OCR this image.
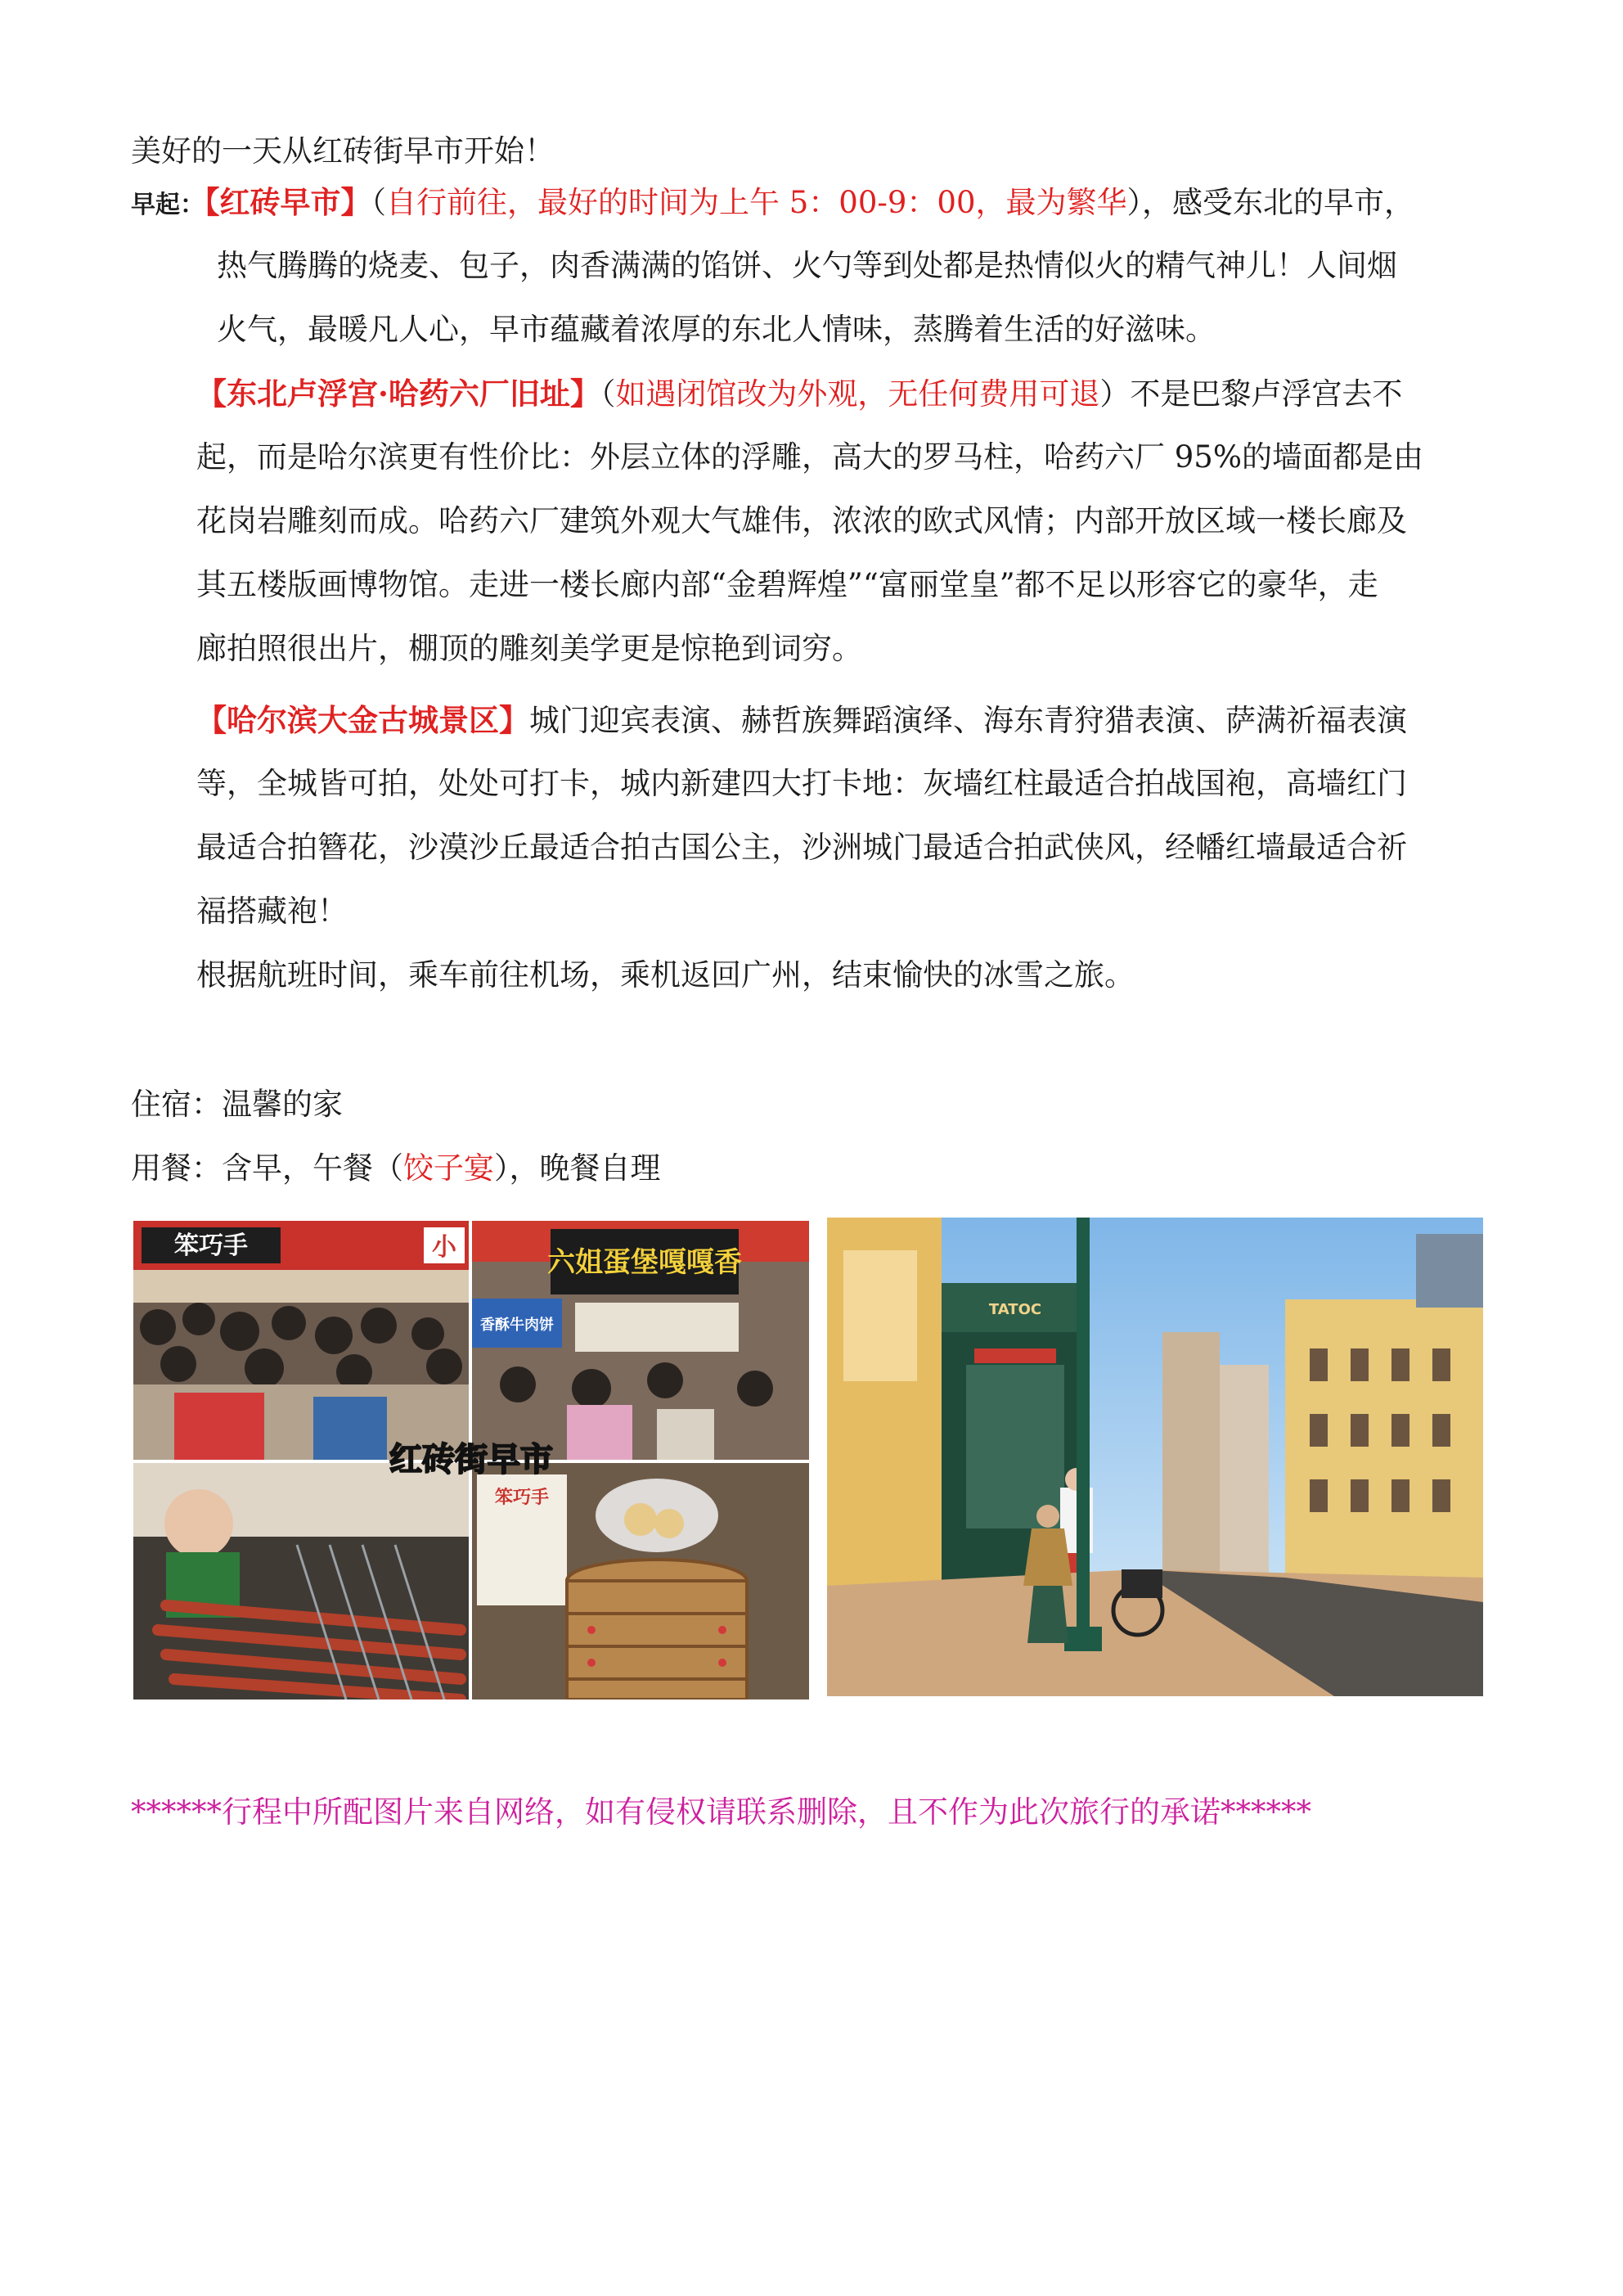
美好的一天从红砖街早市开始！
早起：【红砖早市】（自行前往，最好的时间为上午 5：00-9：00，最为繁华），感受东北的早市，
热气腾腾的烧麦、包子，肉香满满的馅饼、火勺等到处都是热情似火的精气神儿！人间烟
火气，最暖凡人心，早市蕴藏着浓厚的东北人情味，蒸腾着生活的好滋味。
【东北卢浮宫·哈药六厂旧址】（如遇闭馆改为外观，无任何费用可退）不是巴黎卢浮宫去不
起，而是哈尔滨更有性价比：外层立体的浮雕，高大的罗马柱，哈药六厂 95%的墙面都是由
花岗岩雕刻而成。哈药六厂建筑外观大气雄伟，浓浓的欧式风情；内部开放区域一楼长廊及
其五楼版画博物馆。走进一楼长廊内部“金碧辉煌”“富丽堂皇”都不足以形容它的豪华，走
廊拍照很出片，棚顶的雕刻美学更是惊艳到词穷。
【哈尔滨大金古城景区】城门迎宾表演、赫哲族舞蹈演绎、海东青狩猎表演、萨满祈福表演
等，全城皆可拍，处处可打卡，城内新建四大打卡地：灰墙红柱最适合拍战国袍，高墙红门
最适合拍簪花，沙漠沙丘最适合拍古国公主，沙洲城门最适合拍武侠风，经幡红墙最适合祈
福搭藏袍！
根据航班时间，乘车前往机场，乘机返回广州，结束愉快的冰雪之旅。
住宿：温馨的家
用餐：含早，午餐（饺子宴），晚餐自理
笨巧手	小	六姐蛋堡嘎嘎香
香酥牛肉饼
笨巧手
红砖街早市
TATOC
******行程中所配图片来自网络，如有侵权请联系删除，且不作为此次旅行的承诺******
